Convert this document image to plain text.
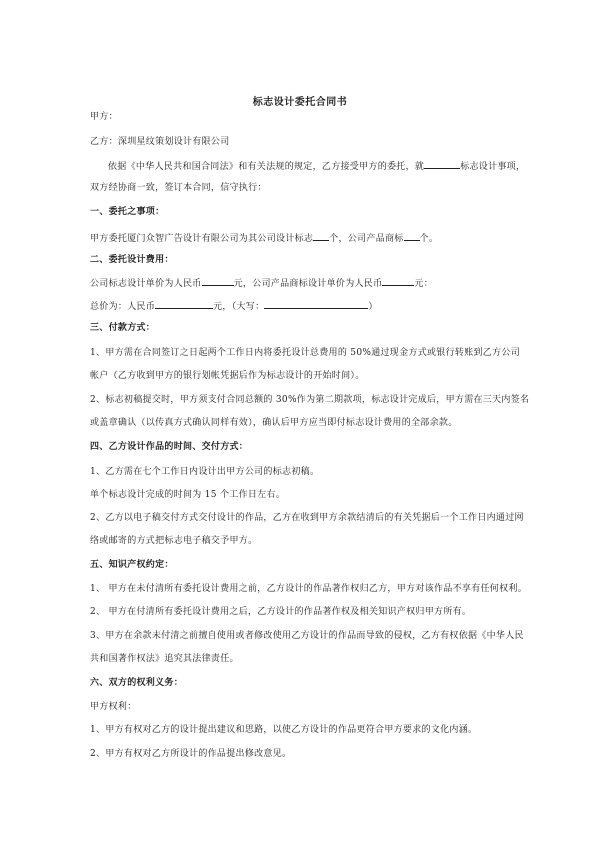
标志设计委托合同书
甲方：
乙方：深圳星纹策划设计有限公司
依据《中华人民共和国合同法》和有关法规的规定，乙方接受甲方的委托，就	标志设计事项，
双方经协商一致，签订本合同，信守执行：
一、委托之事项：
甲方委托厦门众智广告设计有限公司为其公司设计标志 个，公司产品商标 个。
二、委托设计费用：
公司标志设计单价为人民币	元，公司产品商标设计单价为人民币	元：
总价为：人民币	元，（大写：	）
三、付款方式：
1、甲方需在合同签订之日起两个工作日内将委托设计总费用的 50%通过现金方式或银行转账到乙方公司
帐户（乙方收到甲方的银行划帐凭据后作为标志设计的开始时间）。
2、标志初稿提交时，甲方须支付合同总额的 30%作为第二期款项，标志设计完成后，甲方需在三天内签名
或盖章确认（以传真方式确认同样有效），确认后甲方应当即付标志设计费用的全部余款。
四、乙方设计作品的时间、交付方式：
1、乙方需在七个工作日内设计出甲方公司的标志初稿。
单个标志设计完成的时间为 15 个工作日左右。
2、乙方以电子稿交付方式交付设计的作品，乙方在收到甲方余款结清后的有关凭据后一个工作日内通过网
络或邮寄的方式把标志电子稿交予甲方。
五、知识产权约定：
1、 甲方在未付清所有委托设计费用之前，乙方设计的作品著作权归乙方，甲方对该作品不享有任何权利。
2、 甲方在付清所有委托设计费用之后，乙方设计的作品著作权及相关知识产权归甲方所有。
3、甲方在余款未付清之前擅自使用或者修改使用乙方设计的作品而导致的侵权，乙方有权依据《中华人民
共和国著作权法》追究其法律责任。
六、双方的权利义务：
甲方权利：
1、甲方有权对乙方的设计提出建议和思路，以使乙方设计的作品更符合甲方要求的文化内涵。
2、甲方有权对乙方所设计的作品提出修改意见。
